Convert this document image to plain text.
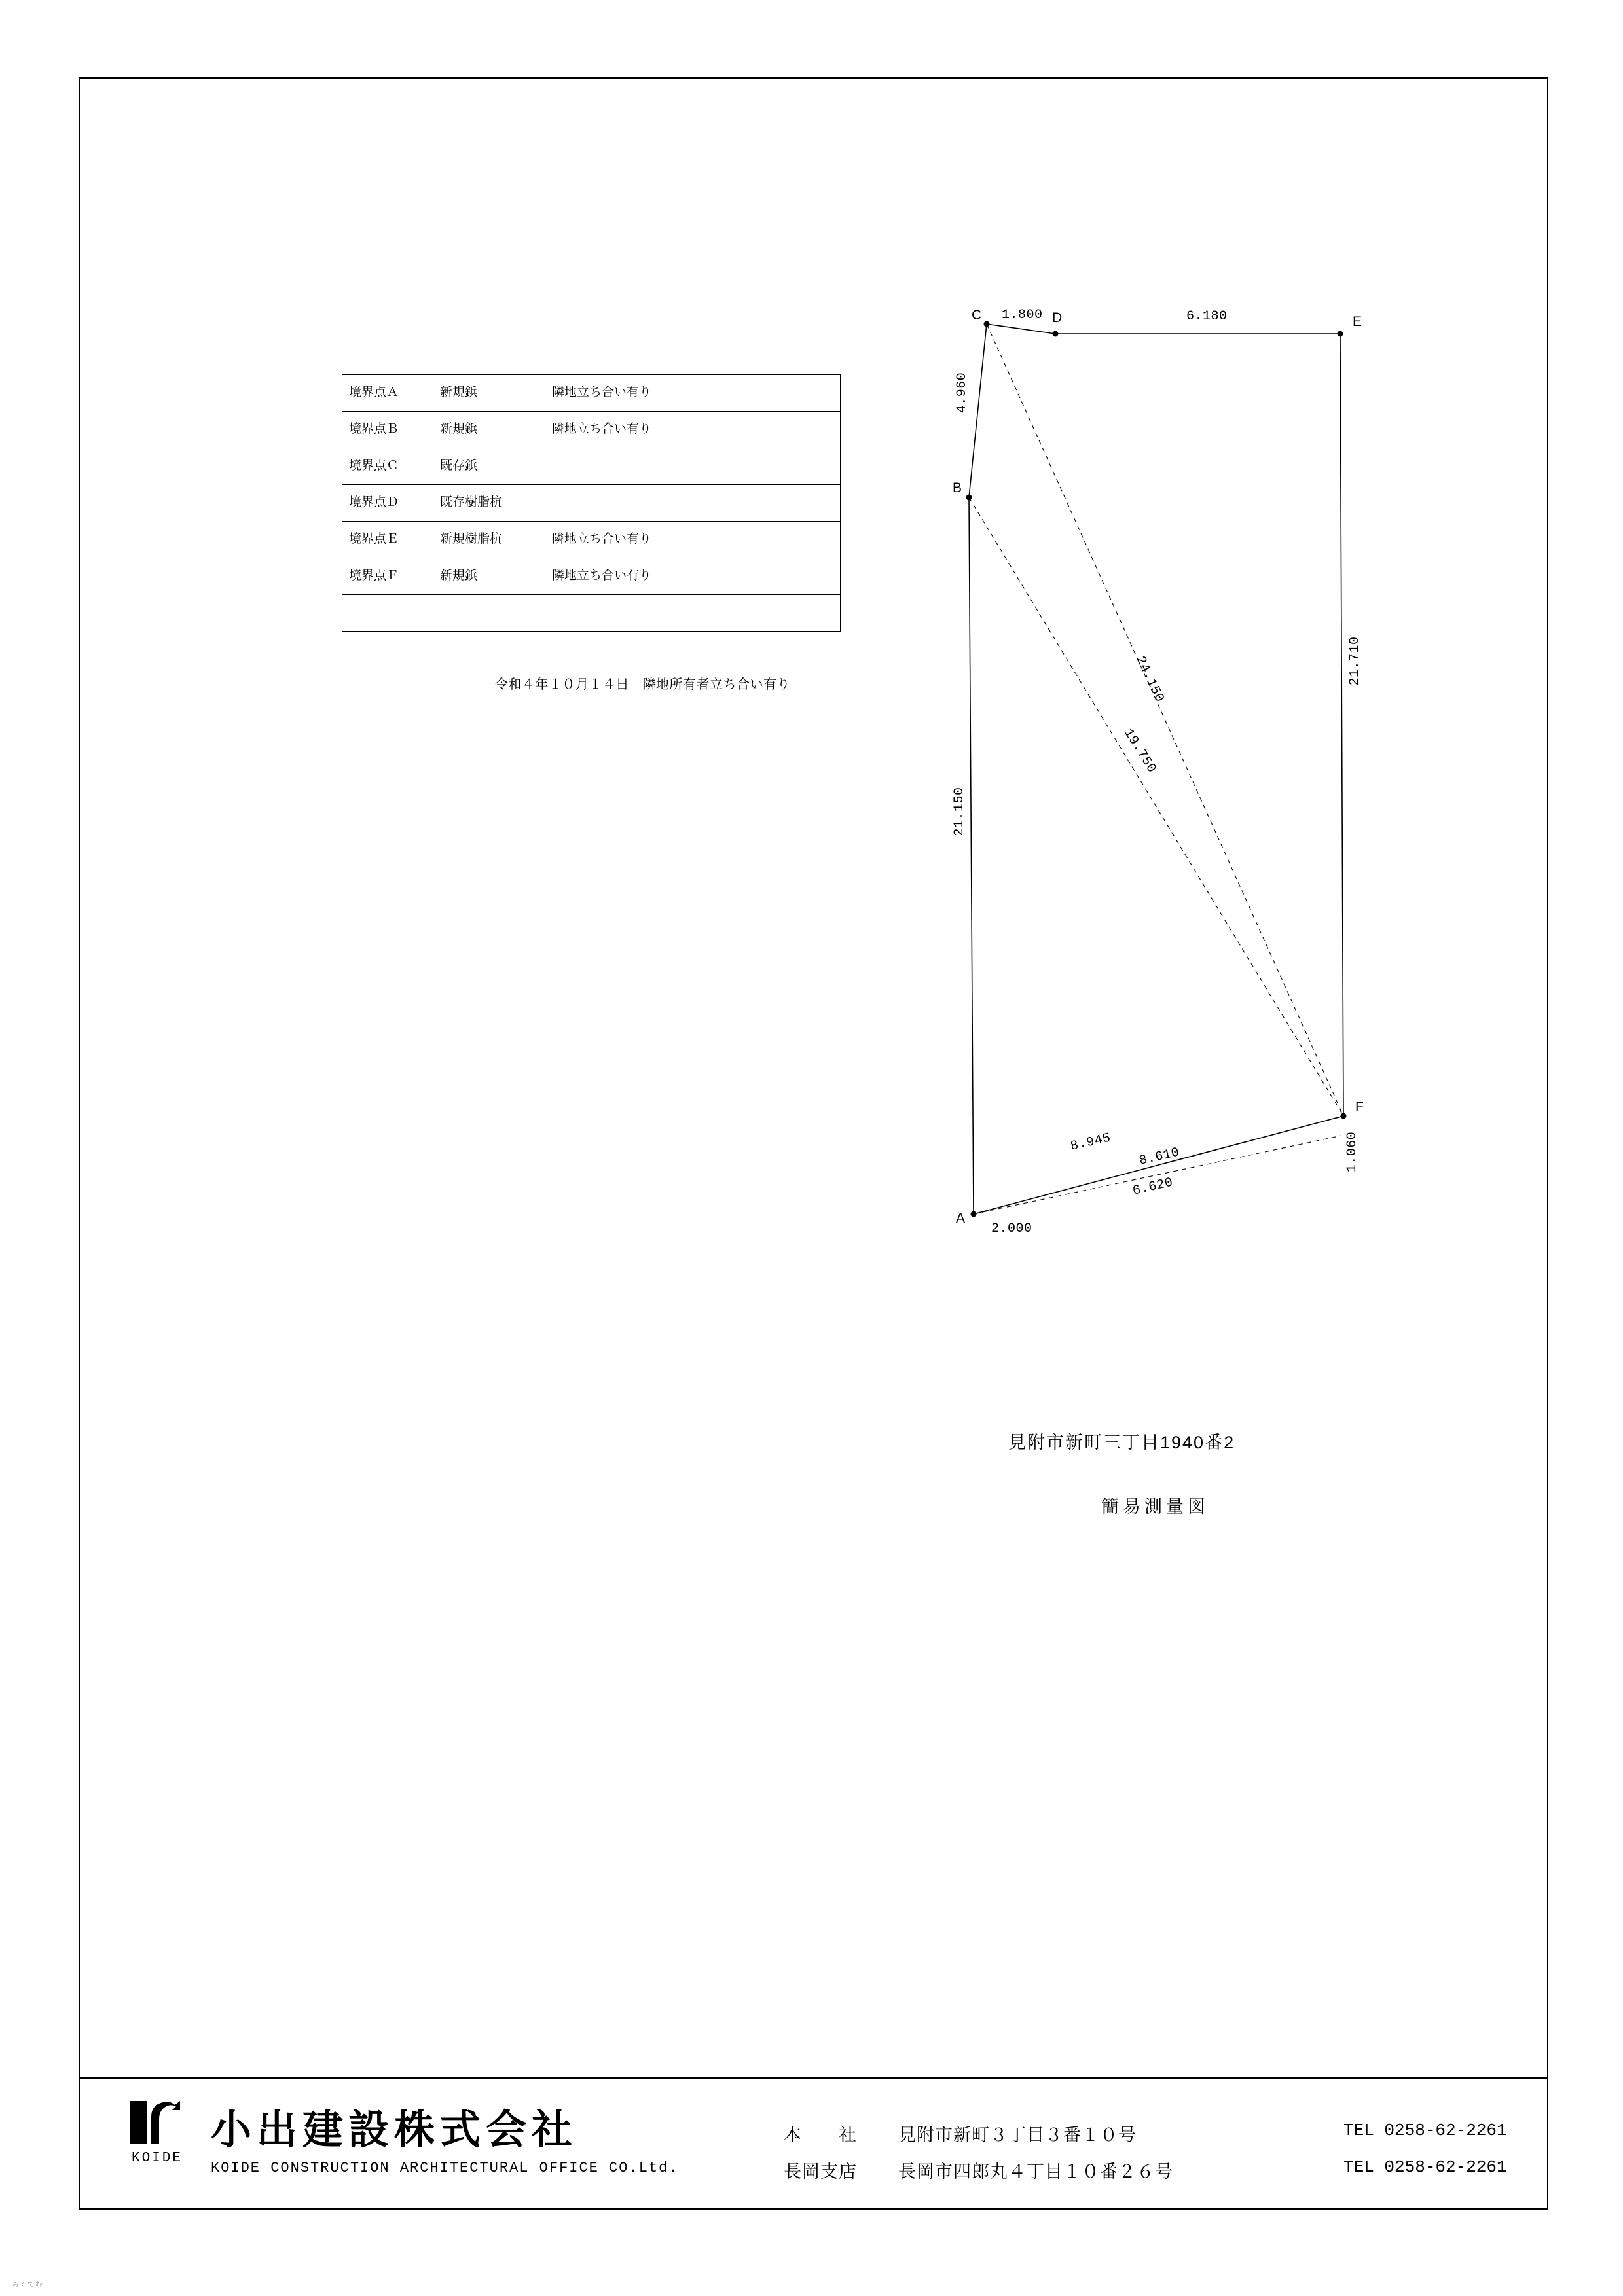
境界点Ａ	新規鋲	隣地立ち合い有り
境界点Ｂ	新規鋲	隣地立ち合い有り
境界点Ｃ	既存鋲	
境界点Ｄ	既存樹脂杭	
境界点Ｅ	新規樹脂杭	隣地立ち合い有り
境界点Ｆ	新規鋲	隣地立ち合い有り

令和４年１０月１４日　隣地所有者立ち合い有り
C	D	E
F
A
B
1.800	6.180
4.960
21.710
21.150
24.150
19.750
8.945
8.610
6.620
1.060
2.000
見附市新町三丁目1940番2
簡易測量図
KOIDE
小出建設株式会社
KOIDE CONSTRUCTION ARCHITECTURAL OFFICE CO.Ltd.
本　　社 見附市新町３丁目３番１０号	TEL 0258-62-2261
長岡支店 長岡市四郎丸４丁目１０番２６号	TEL 0258-62-2261
らくてむ
